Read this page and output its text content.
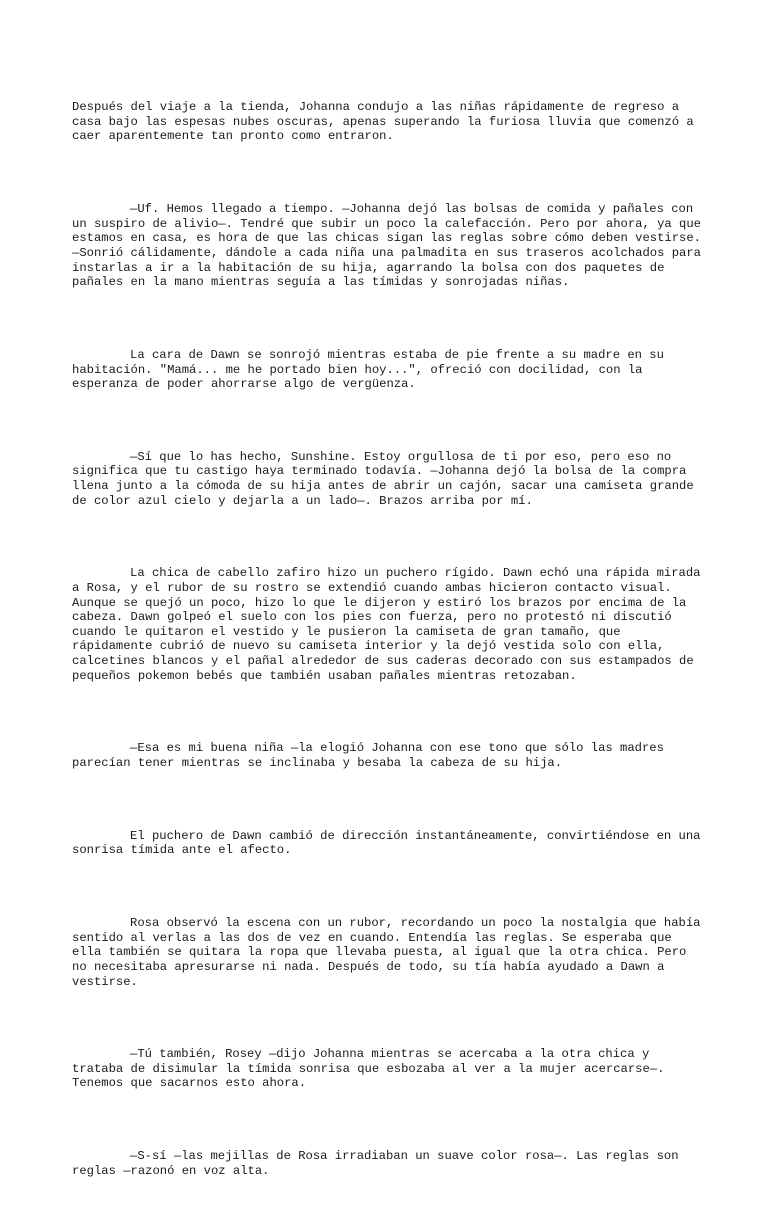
Después del viaje a la tienda, Johanna condujo a las niñas rápidamente de regreso a casa bajo las espesas nubes oscuras, apenas superando la furiosa lluvia que comenzó a caer aparentemente tan pronto como entraron.

—Uf. Hemos llegado a tiempo. —Johanna dejó las bolsas de comida y pañales con un suspiro de alivio—. Tendré que subir un poco la calefacción. Pero por ahora, ya que estamos en casa, es hora de que las chicas sigan las reglas sobre cómo deben vestirse. —Sonrió cálidamente, dándole a cada niña una palmadita en sus traseros acolchados para instarlas a ir a la habitación de su hija, agarrando la bolsa con dos paquetes de pañales en la mano mientras seguía a las tímidas y sonrojadas niñas.

La cara de Dawn se sonrojó mientras estaba de pie frente a su madre en su habitación. "Mamá... me he portado bien hoy...", ofreció con docilidad, con la esperanza de poder ahorrarse algo de vergüenza.

—Sí que lo has hecho, Sunshine. Estoy orgullosa de ti por eso, pero eso no significa que tu castigo haya terminado todavía. —Johanna dejó la bolsa de la compra llena junto a la cómoda de su hija antes de abrir un cajón, sacar una camiseta grande de color azul cielo y dejarla a un lado—. Brazos arriba por mí.

La chica de cabello zafiro hizo un puchero rígido. Dawn echó una rápida mirada a Rosa, y el rubor de su rostro se extendió cuando ambas hicieron contacto visual. Aunque se quejó un poco, hizo lo que le dijeron y estiró los brazos por encima de la cabeza. Dawn golpeó el suelo con los pies con fuerza, pero no protestó ni discutió cuando le quitaron el vestido y le pusieron la camiseta de gran tamaño, que rápidamente cubrió de nuevo su camiseta interior y la dejó vestida solo con ella, calcetines blancos y el pañal alrededor de sus caderas decorado con sus estampados de pequeños pokemon bebés que también usaban pañales mientras retozaban.

—Esa es mi buena niña —la elogió Johanna con ese tono que sólo las madres parecían tener mientras se inclinaba y besaba la cabeza de su hija.

El puchero de Dawn cambió de dirección instantáneamente, convirtiéndose en una sonrisa tímida ante el afecto.

Rosa observó la escena con un rubor, recordando un poco la nostalgia que había sentido al verlas a las dos de vez en cuando. Entendía las reglas. Se esperaba que ella también se quitara la ropa que llevaba puesta, al igual que la otra chica. Pero no necesitaba apresurarse ni nada. Después de todo, su tía había ayudado a Dawn a vestirse.

—Tú también, Rosey —dijo Johanna mientras se acercaba a la otra chica y trataba de disimular la tímida sonrisa que esbozaba al ver a la mujer acercarse—. Tenemos que sacarnos esto ahora.

—S-sí —las mejillas de Rosa irradiaban un suave color rosa—. Las reglas son reglas —razonó en voz alta.
